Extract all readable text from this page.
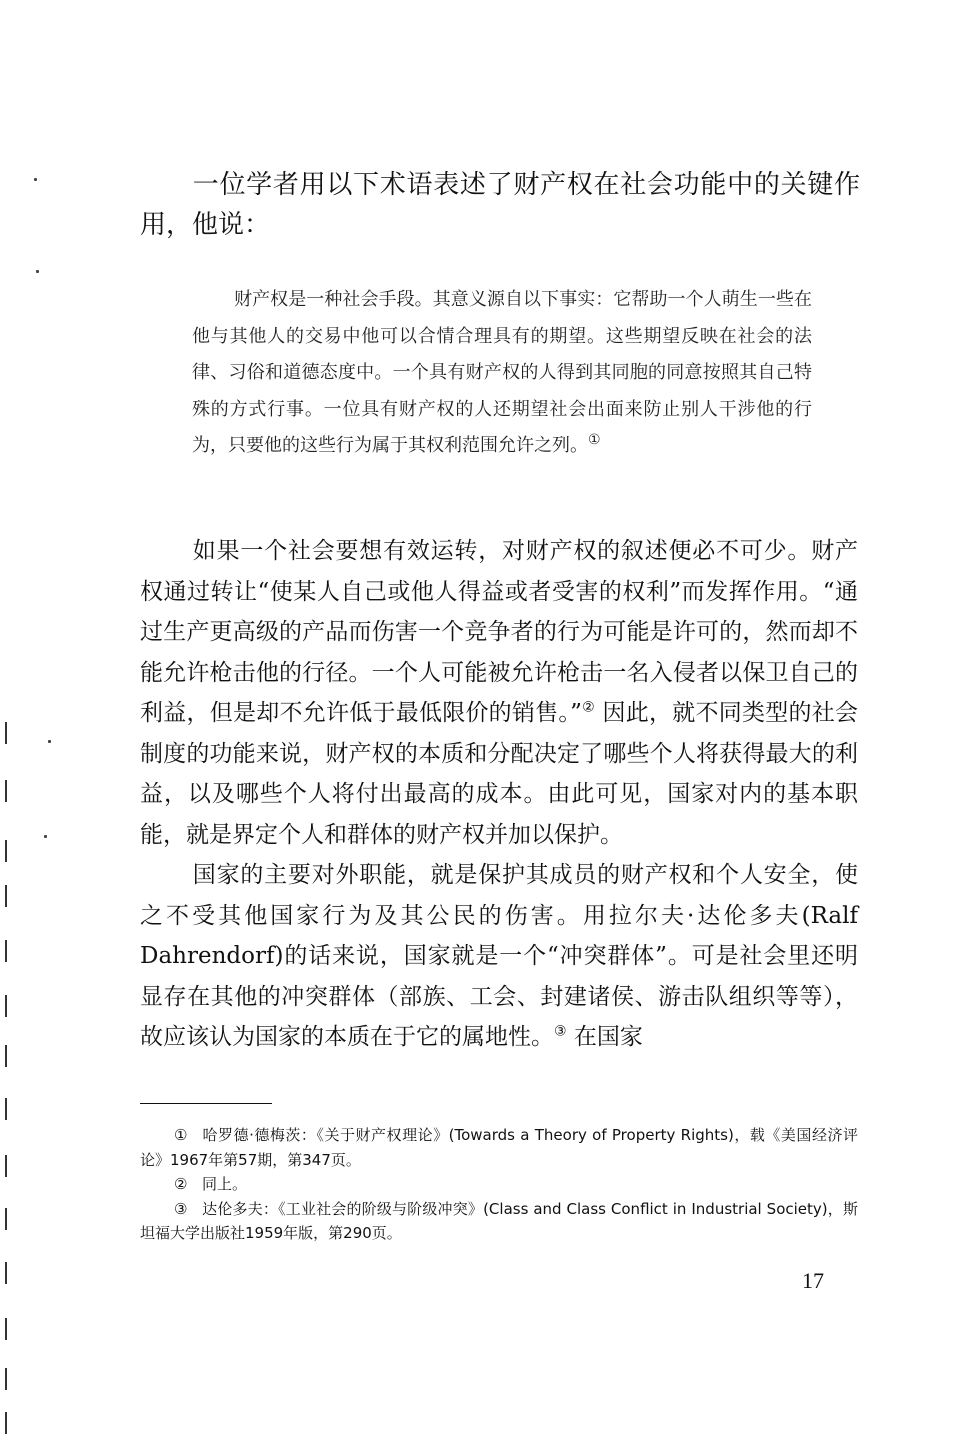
一位学者用以下术语表述了财产权在社会功能中的关键作用，他说：
财产权是一种社会手段。其意义源自以下事实：它帮助一个人萌生一些在他与其他人的交易中他可以合情合理具有的期望。这些期望反映在社会的法律、习俗和道德态度中。一个具有财产权的人得到其同胞的同意按照其自己特殊的方式行事。一位具有财产权的人还期望社会出面来防止别人干涉他的行为，只要他的这些行为属于其权利范围允许之列。①

如果一个社会要想有效运转，对财产权的叙述便必不可少。财产权通过转让“使某人自己或他人得益或者受害的权利”而发挥作用。“通过生产更高级的产品而伤害一个竞争者的行为可能是许可的，然而却不能允许枪击他的行径。一个人可能被允许枪击一名入侵者以保卫自己的利益，但是却不允许低于最低限价的销售。”② 因此，就不同类型的社会制度的功能来说，财产权的本质和分配决定了哪些个人将获得最大的利益，以及哪些个人将付出最高的成本。由此可见，国家对内的基本职能，就是界定个人和群体的财产权并加以保护。

国家的主要对外职能，就是保护其成员的财产权和个人安全，使之不受其他国家行为及其公民的伤害。用拉尔夫·达伦多夫(Ralf Dahrendorf)的话来说，国家就是一个“冲突群体”。可是社会里还明显存在其他的冲突群体（部族、工会、封建诸侯、游击队组织等等），故应该认为国家的本质在于它的属地性。③ 在国家

① 哈罗德·德梅茨：《关于财产权理论》(Towards a Theory of Property Rights)，载《美国经济评论》1967年第57期，第347页。

② 同上。

③ 达伦多夫：《工业社会的阶级与阶级冲突》(Class and Class Conflict in Industrial Society)，斯坦福大学出版社1959年版，第290页。

17
